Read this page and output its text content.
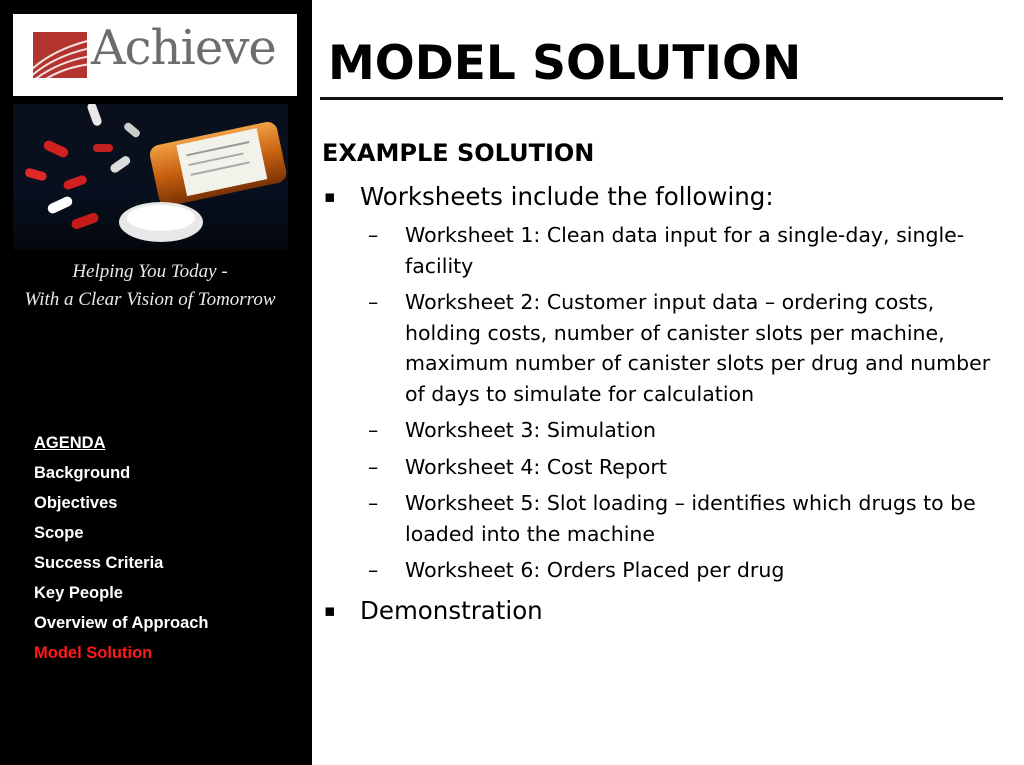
Achieve
Helping You Today -
With a Clear Vision of Tomorrow
AGENDA
Background
Objectives
Scope
Success Criteria
Key People
Overview of Approach
Model Solution
MODEL SOLUTION
EXAMPLE SOLUTION
▪ Worksheets include the following:
– Worksheet 1: Clean data input for a single-day, single-facility
– Worksheet 2: Customer input data – ordering costs, holding costs, number of canister slots per machine, maximum number of canister slots per drug and number of days to simulate for calculation
– Worksheet 3: Simulation
– Worksheet 4: Cost Report
– Worksheet 5: Slot loading – identifies which drugs to be loaded into the machine
– Worksheet 6: Orders Placed per drug
▪ Demonstration
